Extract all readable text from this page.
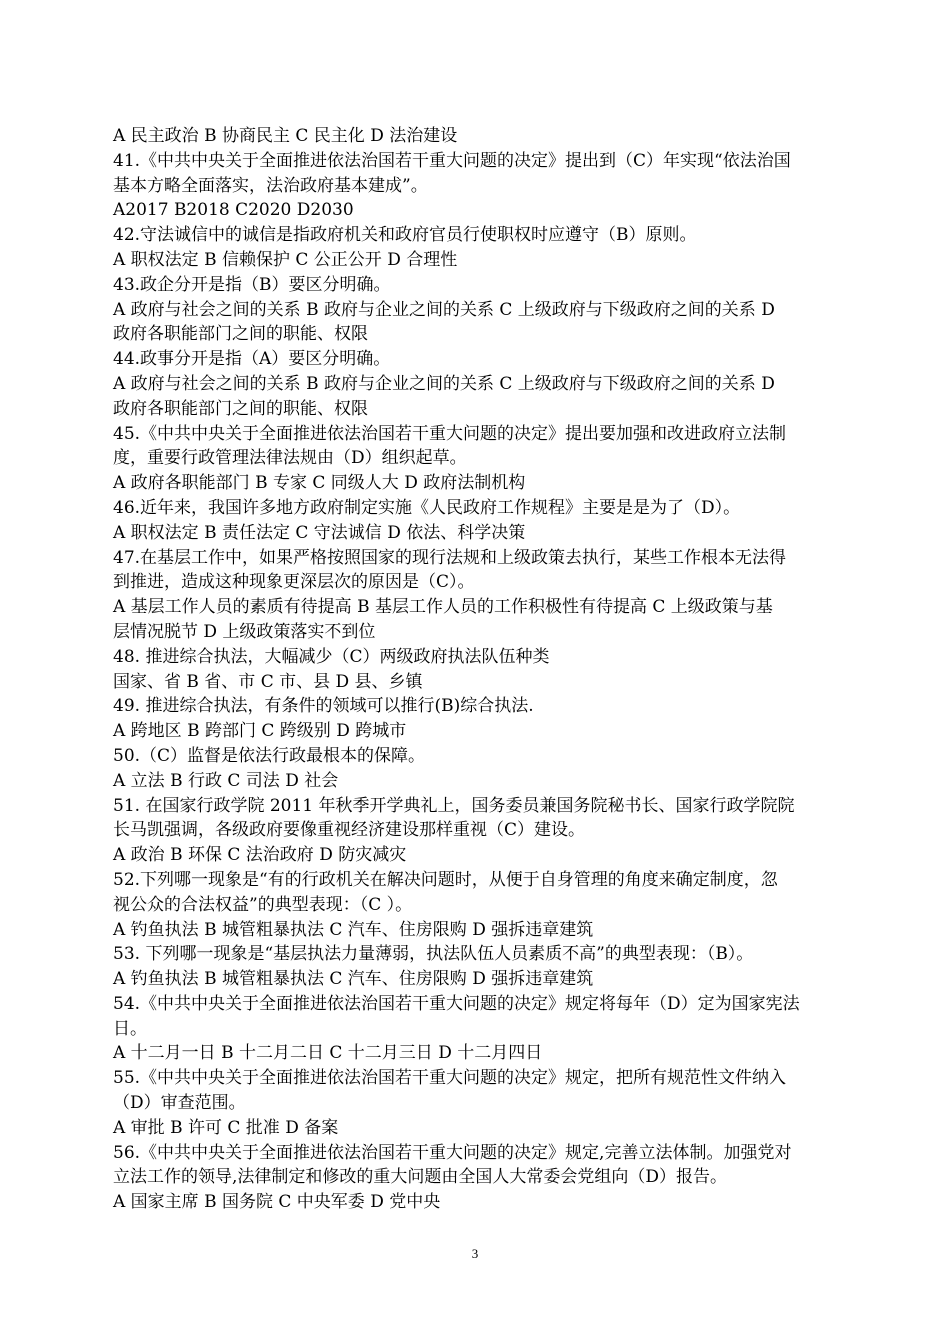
A 民主政治 B 协商民主 C 民主化 D 法治建设
41.《中共中央关于全面推进依法治国若干重大问题的决定》提出到（C）年实现“依法治国
基本方略全面落实，法治政府基本建成”。
A2017 B2018 C2020 D2030
42.守法诚信中的诚信是指政府机关和政府官员行使职权时应遵守（B）原则。
A 职权法定 B 信赖保护 C 公正公开 D 合理性
43.政企分开是指（B）要区分明确。
A 政府与社会之间的关系 B 政府与企业之间的关系 C 上级政府与下级政府之间的关系 D
政府各职能部门之间的职能、权限
44.政事分开是指（A）要区分明确。
A 政府与社会之间的关系 B 政府与企业之间的关系 C 上级政府与下级政府之间的关系 D
政府各职能部门之间的职能、权限
45.《中共中央关于全面推进依法治国若干重大问题的决定》提出要加强和改进政府立法制
度，重要行政管理法律法规由（D）组织起草。
A 政府各职能部门 B 专家 C 同级人大 D 政府法制机构
46.近年来，我国许多地方政府制定实施《人民政府工作规程》主要是是为了（D）。
A 职权法定 B 责任法定 C 守法诚信 D 依法、科学决策
47.在基层工作中，如果严格按照国家的现行法规和上级政策去执行，某些工作根本无法得
到推进，造成这种现象更深层次的原因是（C）。
A 基层工作人员的素质有待提高 B 基层工作人员的工作积极性有待提高 C 上级政策与基
层情况脱节 D 上级政策落实不到位
48. 推进综合执法，大幅减少（C）两级政府执法队伍种类
国家、省 B 省、市 C 市、县 D 县、乡镇
49. 推进综合执法，有条件的领域可以推行(B)综合执法.
A 跨地区 B 跨部门 C 跨级别 D 跨城市
50.（C）监督是依法行政最根本的保障。
A 立法 B 行政 C 司法 D 社会
51. 在国家行政学院 2011 年秋季开学典礼上，国务委员兼国务院秘书长、国家行政学院院
长马凯强调，各级政府要像重视经济建设那样重视（C）建设。
A 政治 B 环保 C 法治政府 D 防灾减灾
52.下列哪一现象是“有的行政机关在解决问题时，从便于自身管理的角度来确定制度，忽
视公众的合法权益”的典型表现：（C ）。
A 钓鱼执法 B 城管粗暴执法 C 汽车、住房限购 D 强拆违章建筑
53. 下列哪一现象是“基层执法力量薄弱，执法队伍人员素质不高”的典型表现：（B）。
A 钓鱼执法 B 城管粗暴执法 C 汽车、住房限购 D 强拆违章建筑
54.《中共中央关于全面推进依法治国若干重大问题的决定》规定将每年（D）定为国家宪法
日。
A 十二月一日 B 十二月二日 C 十二月三日 D 十二月四日
55.《中共中央关于全面推进依法治国若干重大问题的决定》规定，把所有规范性文件纳入
（D）审查范围。
A 审批 B 许可 C 批准 D 备案
56.《中共中央关于全面推进依法治国若干重大问题的决定》规定,完善立法体制。加强党对
立法工作的领导,法律制定和修改的重大问题由全国人大常委会党组向（D）报告。
A 国家主席 B 国务院 C 中央军委 D 党中央
3
